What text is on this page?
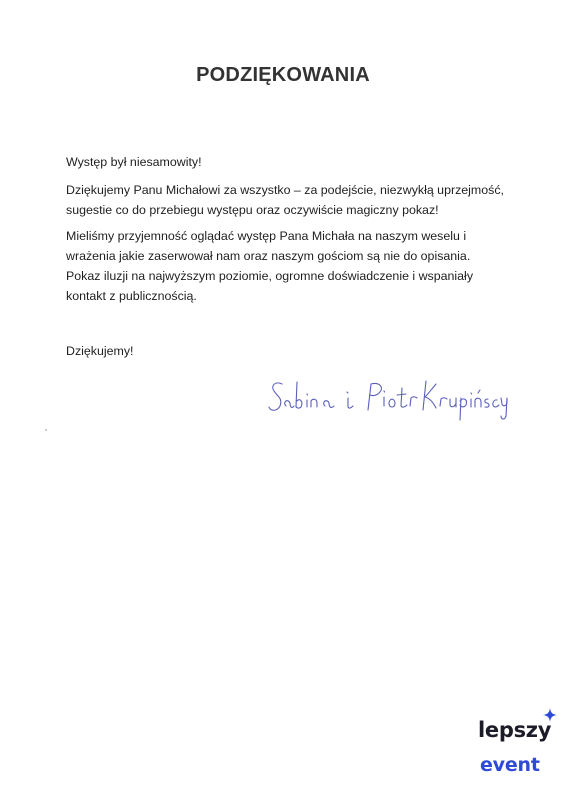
PODZIĘKOWANIA

Występ był niesamowity!

Dziękujemy Panu Michałowi za wszystko – za podejście, niezwykłą uprzejmość, sugestie co do przebiegu występu oraz oczywiście magiczny pokaz!

Mieliśmy przyjemność oglądać występ Pana Michała na naszym weselu i wrażenia jakie zaserwował nam oraz naszym gościom są nie do opisania. Pokaz iluzji na najwyższym poziomie, ogromne doświadczenie i wspaniały kontakt z publicznością.

Dziękujemy!

lepszy
event
